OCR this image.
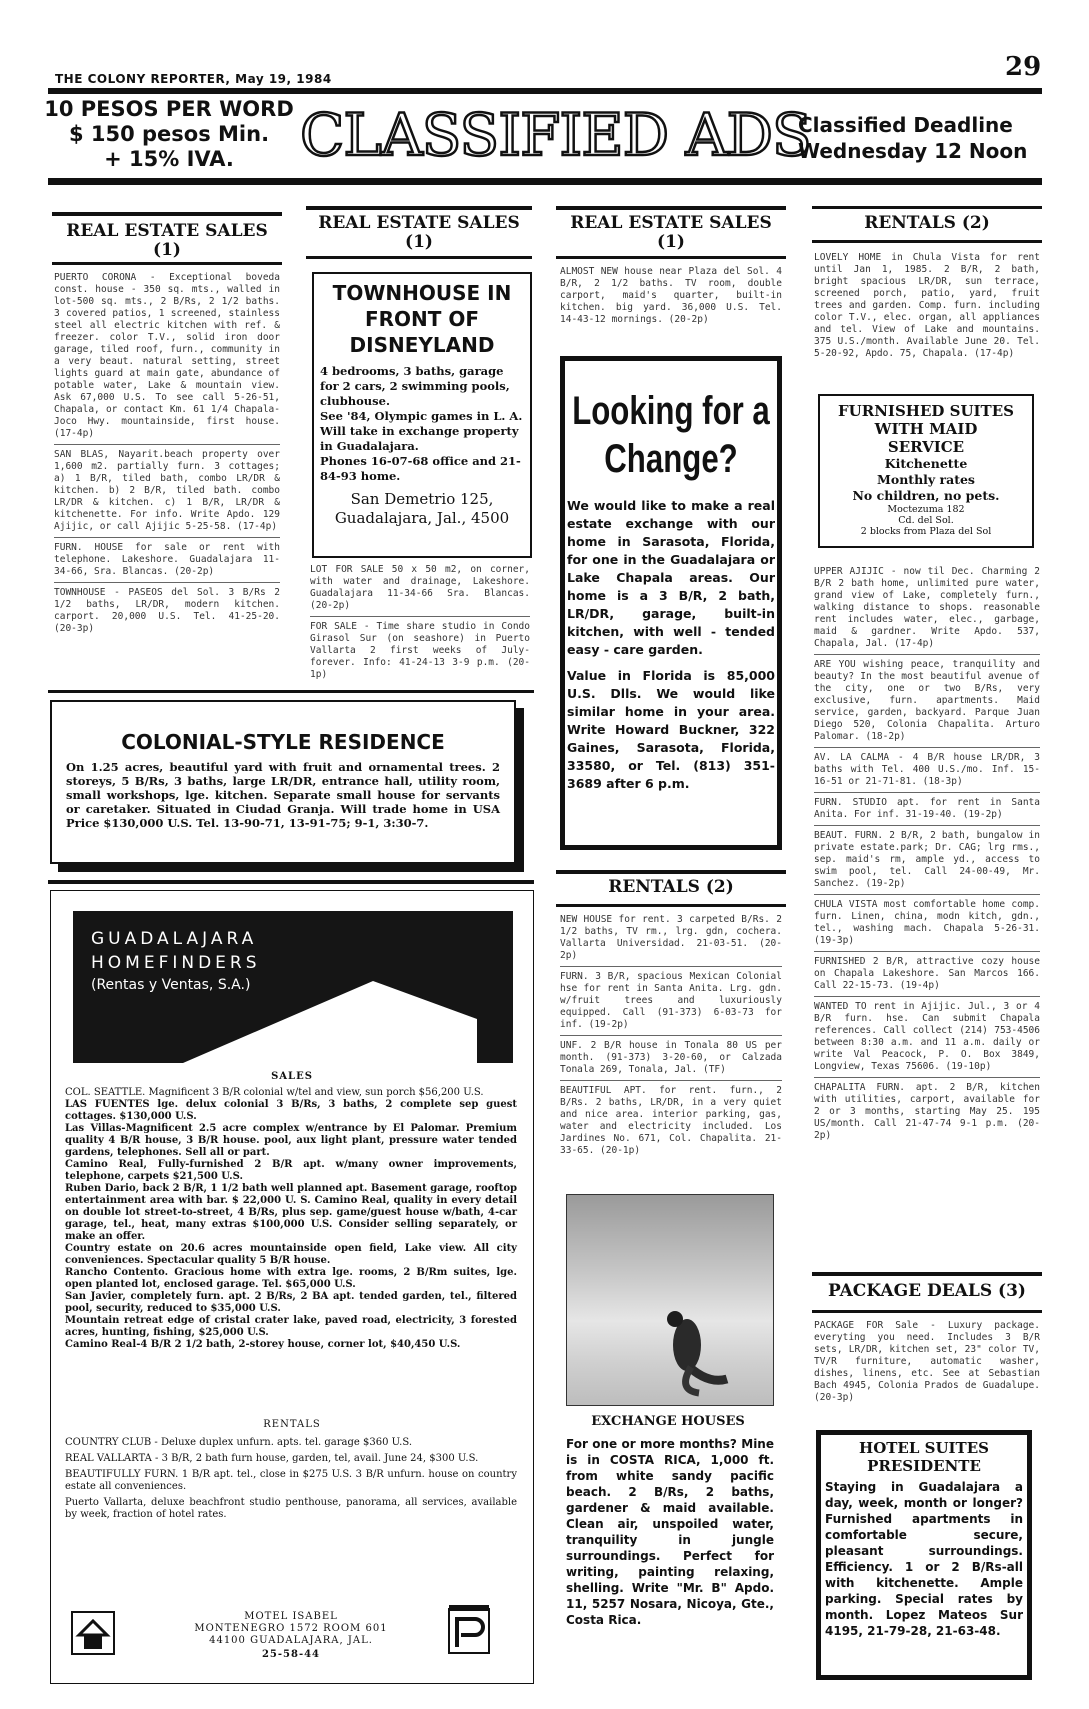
THE COLONY REPORTER, May 19, 1984	29
10 PESOS PER WORD
$ 150 pesos Min.
+ 15% IVA.	CLASSIFIED ADS
Classified Deadline
Wednesday 12 Noon
REAL ESTATE SALES
(1)

PUERTO CORONA - Exceptional boveda const. house - 350 sq. mts., walled in lot-500 sq. mts., 2 B/Rs, 2 1/2 baths. 3 covered patios, 1 screened, stainless steel all electric kitchen with ref. & freezer. color T.V., solid iron door garage, tiled roof, furn., community in a very beaut. natural setting, street lights guard at main gate, abundance of potable water, Lake & mountain view. Ask 67,000 U.S. To see call 5-26-51, Chapala, or contact Km. 61 1/4 Chapala-Joco Hwy. mountainside, first house. (17-4p)

SAN BLAS, Nayarit.beach property over 1,600 m2. partially furn. 3 cottages; a) 1 B/R, tiled bath, combo LR/DR & kitchen. b) 2 B/R, tiled bath. combo LR/DR & kitchen. c) 1 B/R, LR/DR & kitchenette. For info. Write Apdo. 129 Ajijic, or call Ajijic 5-25-58. (17-4p)

FURN. HOUSE for sale or rent with telephone. Lakeshore. Guadalajara 11-34-66, Sra. Blancas. (20-2p)

TOWNHOUSE - PASEOS del Sol. 3 B/Rs 2 1/2 baths, LR/DR, modern kitchen. carport. 20,000 U.S. Tel. 41-25-20. (20-3p)

REAL ESTATE SALES
(1)
TOWNHOUSE IN
FRONT OF
DISNEYLAND

4 bedrooms, 3 baths, garage for 2 cars, 2 swimming pools, clubhouse.

See '84, Olympic games in L. A.

Will take in exchange property in Guadalajara.

Phones 16-07-68 office and 21-84-93 home.

San Demetrio 125,
Guadalajara, Jal., 4500

LOT FOR SALE 50 x 50 m2, on corner, with water and drainage, Lakeshore. Guadalajara 11-34-66 Sra. Blancas. (20-2p)

FOR SALE - Time share studio in Condo Girasol Sur (on seashore) in Puerto Vallarta 2 first weeks of July-forever. Info: 41-24-13 3-9 p.m. (20-1p)

COLONIAL-STYLE RESIDENCE
On 1.25 acres, beautiful yard with fruit and ornamental trees. 2 storeys, 5 B/Rs, 3 baths, large LR/DR, entrance hall, utility room, small workshops, lge. kitchen. Separate small house for servants or caretaker. Situated in Ciudad Granja. Will trade home in USA Price $130,000 U.S. Tel. 13-90-71, 13-91-75; 9-1, 3:30-7.
GUADALAJARA
HOMEFINDERS
(Rentas y Ventas, S.A.)
SALES

COL. SEATTLE. Magnificent 3 B/R colonial w/tel and view, sun porch $56,200 U.S.

LAS FUENTES lge. delux colonial 3 B/Rs, 3 baths, 2 complete sep guest cottages. $130,000 U.S.

Las Villas-Magnificent 2.5 acre complex w/entrance by El Palomar. Premium quality 4 B/R house, 3 B/R house. pool, aux light plant, pressure water tended gardens, telephones. Sell all or part.

Camino Real, Fully-furnished 2 B/R apt. w/many owner improvements, telephone, carpets $21,500 U.S.

Ruben Dario, back 2 B/R, 1 1/2 bath well planned apt. Basement garage, rooftop entertainment area with bar. $ 22,000 U. S. Camino Real, quality in every detail on double lot street-to-street, 4 B/Rs, plus sep. game/guest house w/bath, 4-car garage, tel., heat, many extras $100,000 U.S. Consider selling separately, or make an offer.

Country estate on 20.6 acres mountainside open field, Lake view. All city conveniences. Spectacular quality 5 B/R house.

Rancho Contento. Gracious home with extra lge. rooms, 2 B/Rm suites, lge. open planted lot, enclosed garage. Tel. $65,000 U.S.

San Javier, completely furn. apt. 2 B/Rs, 2 BA apt. tended garden, tel., filtered pool, security, reduced to $35,000 U.S.

Mountain retreat edge of cristal crater lake, paved road, electricity, 3 forested acres, hunting, fishing, $25,000 U.S.

Camino Real-4 B/R 2 1/2 bath, 2-storey house, corner lot, $40,450 U.S.

RENTALS

COUNTRY CLUB - Deluxe duplex unfurn. apts. tel. garage $360 U.S.

REAL VALLARTA - 3 B/R, 2 bath furn house, garden, tel, avail. June 24, $300 U.S.

BEAUTIFULLY FURN. 1 B/R apt. tel., close in $275 U.S. 3 B/R unfurn. house on country estate all conveniences.

Puerto Vallarta, deluxe beachfront studio penthouse, panorama, all services, available by week, fraction of hotel rates.

MOTEL ISABEL
MONTENEGRO 1572 ROOM 601
44100 GUADALAJARA, JAL.
25-58-44
REAL ESTATE SALES
(1)
ALMOST NEW house near Plaza del Sol. 4 B/R, 2 1/2 baths. TV room, double carport, maid's quarter, built-in kitchen. big yard. 36,000 U.S. Tel. 14-43-12 mornings. (20-2p)
Looking for a
Change?

We would like to make a real estate exchange with our home in Sarasota, Florida, for one in the Guadalajara or Lake Chapala areas. Our home is a 3 B/R, 2 bath, LR/DR, garage, built-in kitchen, with well - tended easy - care garden.

Value in Florida is 85,000 U.S. Dlls. We would like similar home in your area. Write Howard Buckner, 322 Gaines, Sarasota, Florida, 33580, or Tel. (813) 351-3689 after 6 p.m.

RENTALS (2)

NEW HOUSE for rent. 3 carpeted B/Rs. 2 1/2 baths, TV rm., lrg. gdn, cochera. Vallarta Universidad. 21-03-51. (20-2p)

FURN. 3 B/R, spacious Mexican Colonial hse for rent in Santa Anita. Lrg. gdn. w/fruit trees and luxuriously equipped. Call (91-373) 6-03-73 for inf. (19-2p)

UNF. 2 B/R house in Tonala 80 US per month. (91-373) 3-20-60, or Calzada Tonala 269, Tonala, Jal. (TF)

BEAUTIFUL APT. for rent. furn., 2 B/Rs. 2 baths, LR/DR, in a very quiet and nice area. interior parking, gas, water and electricity included. Los Jardines No. 671, Col. Chapalita. 21-33-65. (20-1p)

EXCHANGE HOUSES
For one or more months? Mine is in COSTA RICA, 1,000 ft. from white sandy pacific beach. 2 B/Rs, 2 baths, gardener & maid available. Clean air, unspoiled water, tranquility in jungle surroundings. Perfect for writing, painting relaxing, shelling. Write "Mr. B" Apdo. 11, 5257 Nosara, Nicoya, Gte., Costa Rica.
RENTALS (2)
LOVELY HOME in Chula Vista for rent until Jan 1, 1985. 2 B/R, 2 bath, bright spacious LR/DR, sun terrace, screened porch, patio, yard, fruit trees and garden. Comp. furn. including color T.V., elec. organ, all appliances and tel. View of Lake and mountains. 375 U.S./month. Available June 20. Tel. 5-20-92, Apdo. 75, Chapala. (17-4p)
FURNISHED SUITES
WITH MAID
SERVICE
Kitchenette
Monthly rates
No children, no pets.
Moctezuma 182
Cd. del Sol.
2 blocks from Plaza del Sol

UPPER AJIJIC - now til Dec. Charming 2 B/R 2 bath home, unlimited pure water, grand view of Lake, completely furn., walking distance to shops. reasonable rent includes water, elec., garbage, maid & gardner. Write Apdo. 537, Chapala, Jal. (17-4p)

ARE YOU wishing peace, tranquility and beauty? In the most beautiful avenue of the city, one or two B/Rs, very exclusive, furn. apartments. Maid service, garden, backyard. Parque Juan Diego 520, Colonia Chapalita. Arturo Palomar. (18-2p)

AV. LA CALMA - 4 B/R house LR/DR, 3 baths with Tel. 400 U.S./mo. Inf. 15-16-51 or 21-71-81. (18-3p)

FURN. STUDIO apt. for rent in Santa Anita. For inf. 31-19-40. (19-2p)

BEAUT. FURN. 2 B/R, 2 bath, bungalow in private estate.park; Dr. CAG; lrg rms., sep. maid's rm, ample yd., access to swim pool, tel. Call 24-00-49, Mr. Sanchez. (19-2p)

CHULA VISTA most comfortable home comp. furn. Linen, china, modn kitch, gdn., tel., washing mach. Chapala 5-26-31. (19-3p)

FURNISHED 2 B/R, attractive cozy house on Chapala Lakeshore. San Marcos 166. Call 22-15-73. (19-4p)

WANTED TO rent in Ajijic. Jul., 3 or 4 B/R furn. hse. Can submit Chapala references. Call collect (214) 753-4506 between 8:30 a.m. and 11 a.m. daily or write Val Peacock, P. O. Box 3849, Longview, Texas 75606. (19-10p)

CHAPALITA FURN. apt. 2 B/R, kitchen with utilities, carport, available for 2 or 3 months, starting May 25. 195 US/month. Call 21-47-74 9-1 p.m. (20-2p)

PACKAGE DEALS (3)
PACKAGE FOR Sale - Luxury package. everyting you need. Includes 3 B/R sets, LR/DR, kitchen set, 23" color TV, TV/R furniture, automatic washer, dishes, linens, etc. See at Sebastian Bach 4945, Colonia Prados de Guadalupe. (20-3p)
HOTEL SUITES
PRESIDENTE
Staying in Guadalajara a day, week, month or longer? Furnished apartments in comfortable secure, pleasant surroundings. Efficiency. 1 or 2 B/Rs-all with kitchenette. Ample parking. Special rates by month. Lopez Mateos Sur 4195, 21-79-28, 21-63-48.
